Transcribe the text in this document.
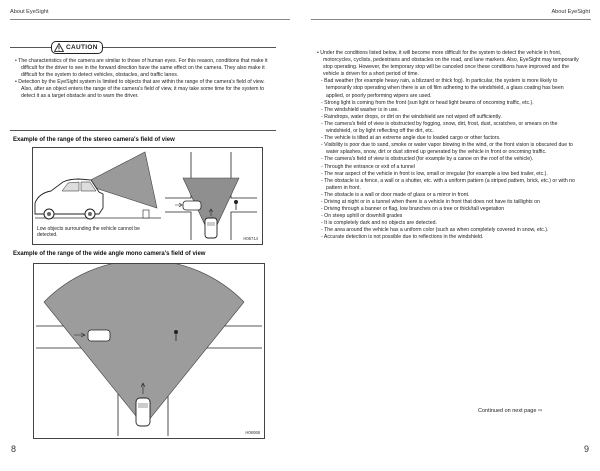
About EyeSight	About EyeSight
CAUTION

• The characteristics of the camera are similar to those of human eyes. For this reason, conditions that make it difficult for the driver to see in the forward direction have the same effect on the camera. They also make it difficult for the system to detect vehicles, obstacles, and traffic lanes.

• Detection by the EyeSight system is limited to objects that are within the range of the camera's field of view. Also, after an object enters the range of the camera's field of view, it may take some time for the system to detect it as a target obstacle and to warn the driver.

Example of the range of the stereo camera's field of view
Low objects surrounding the vehicle cannot be detected.
H06714
Example of the range of the wide angle mono camera's field of view
H06068

• Under the conditions listed below, it will become more difficult for the system to detect the vehicle in front, motorcycles, cyclists, pedestrians and obstacles on the road, and lane markers. Also, EyeSight may temporarily stop operating. However, the temporary stop will be canceled once these conditions have improved and the vehicle is driven for a short period of time.

- Bad weather (for example heavy rain, a blizzard or thick fog). In particular, the system is more likely to temporarily stop operating when there is an oil film adhering to the windshield, a glass coating has been applied, or poorly performing wipers are used.

- Strong light is coming from the front (sun light or head light beams of oncoming traffic, etc.).

- The windshield washer is in use.

- Raindrops, water drops, or dirt on the windshield are not wiped off sufficiently.

- The camera's field of view is obstructed by fogging, snow, dirt, frost, dust, scratches, or smears on the windshield, or by light reflecting off the dirt, etc.

- The vehicle is tilted at an extreme angle due to loaded cargo or other factors.

- Visibility is poor due to sand, smoke or water vapor blowing in the wind, or the front vision is obscured due to water splashes, snow, dirt or dust stirred up generated by the vehicle in front or oncoming traffic.

- The camera's field of view is obstructed (for example by a canoe on the roof of the vehicle).

- Through the entrance or exit of a tunnel

- The rear aspect of the vehicle in front is low, small or irregular (for example a low bed trailer, etc.).

- The obstacle is a fence, a wall or a shutter, etc. with a uniform pattern (a striped pattern, brick, etc.) or with no pattern in front.

- The obstacle is a wall or door made of glass or a mirror in front.

- Driving at night or in a tunnel when there is a vehicle in front that does not have its taillights on

- Driving through a banner or flag, low branches on a tree or thick/tall vegetation

- On steep uphill or downhill grades

- It is completely dark and no objects are detected.

- The area around the vehicle has a uniform color (such as when completely covered in snow, etc.).

- Accurate detection is not possible due to reflections in the windshield.

Continued on next page ⇨
8	9
